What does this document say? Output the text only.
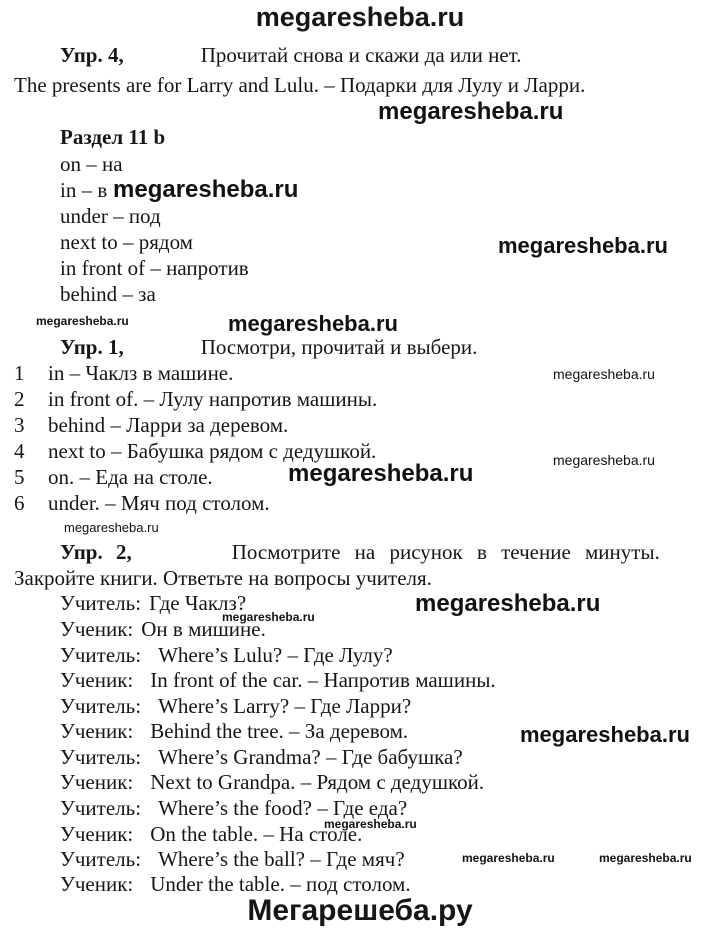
megaresheba.ru
Упр. 4,	Прочитай снова и скажи да или нет.
The presents are for Larry and Lulu. – Подарки для Лулу и Ларри.
Раздел 11 b
on – на
in – в
under – под
next to – рядом
in front of – напротив
behind – за
Упр. 1,	Посмотри, прочитай и выбери.
1 in – Чаклз в машине.
2 in front of. – Лулу напротив машины.
3 behind – Ларри за деревом.
4 next to – Бабушка рядом с дедушкой.
5 on. – Еда на столе.
6 under. – Мяч под столом.
Упр. 2,	Посмотрите на рисунок в течение минуты.
Закройте книги. Ответьте на вопросы учителя.
Учитель: Где Чаклз?
Ученик: Он в мишине.
Учитель: Where’s Lulu? – Где Лулу?
Ученик: In front of the car. – Напротив машины.
Учитель: Where’s Larry? – Где Ларри?
Ученик: Behind the tree. – За деревом.
Учитель: Where’s Grandma? – Где бабушка?
Ученик: Next to Grandpa. – Рядом с дедушкой.
Учитель: Where’s the food? – Где еда?
Ученик: On the table. – На столе.
Учитель: Where’s the ball? – Где мяч?
Ученик: Under the table. – под столом.
Мегарешеба.ру
megaresheba.ru
megaresheba.ru
megaresheba.ru
megaresheba.ru	megaresheba.ru
megaresheba.ru
megaresheba.ru
megaresheba.ru
megaresheba.ru
megaresheba.ru
megaresheba.ru
megaresheba.ru
megaresheba.ru
megaresheba.ru	megaresheba.ru
